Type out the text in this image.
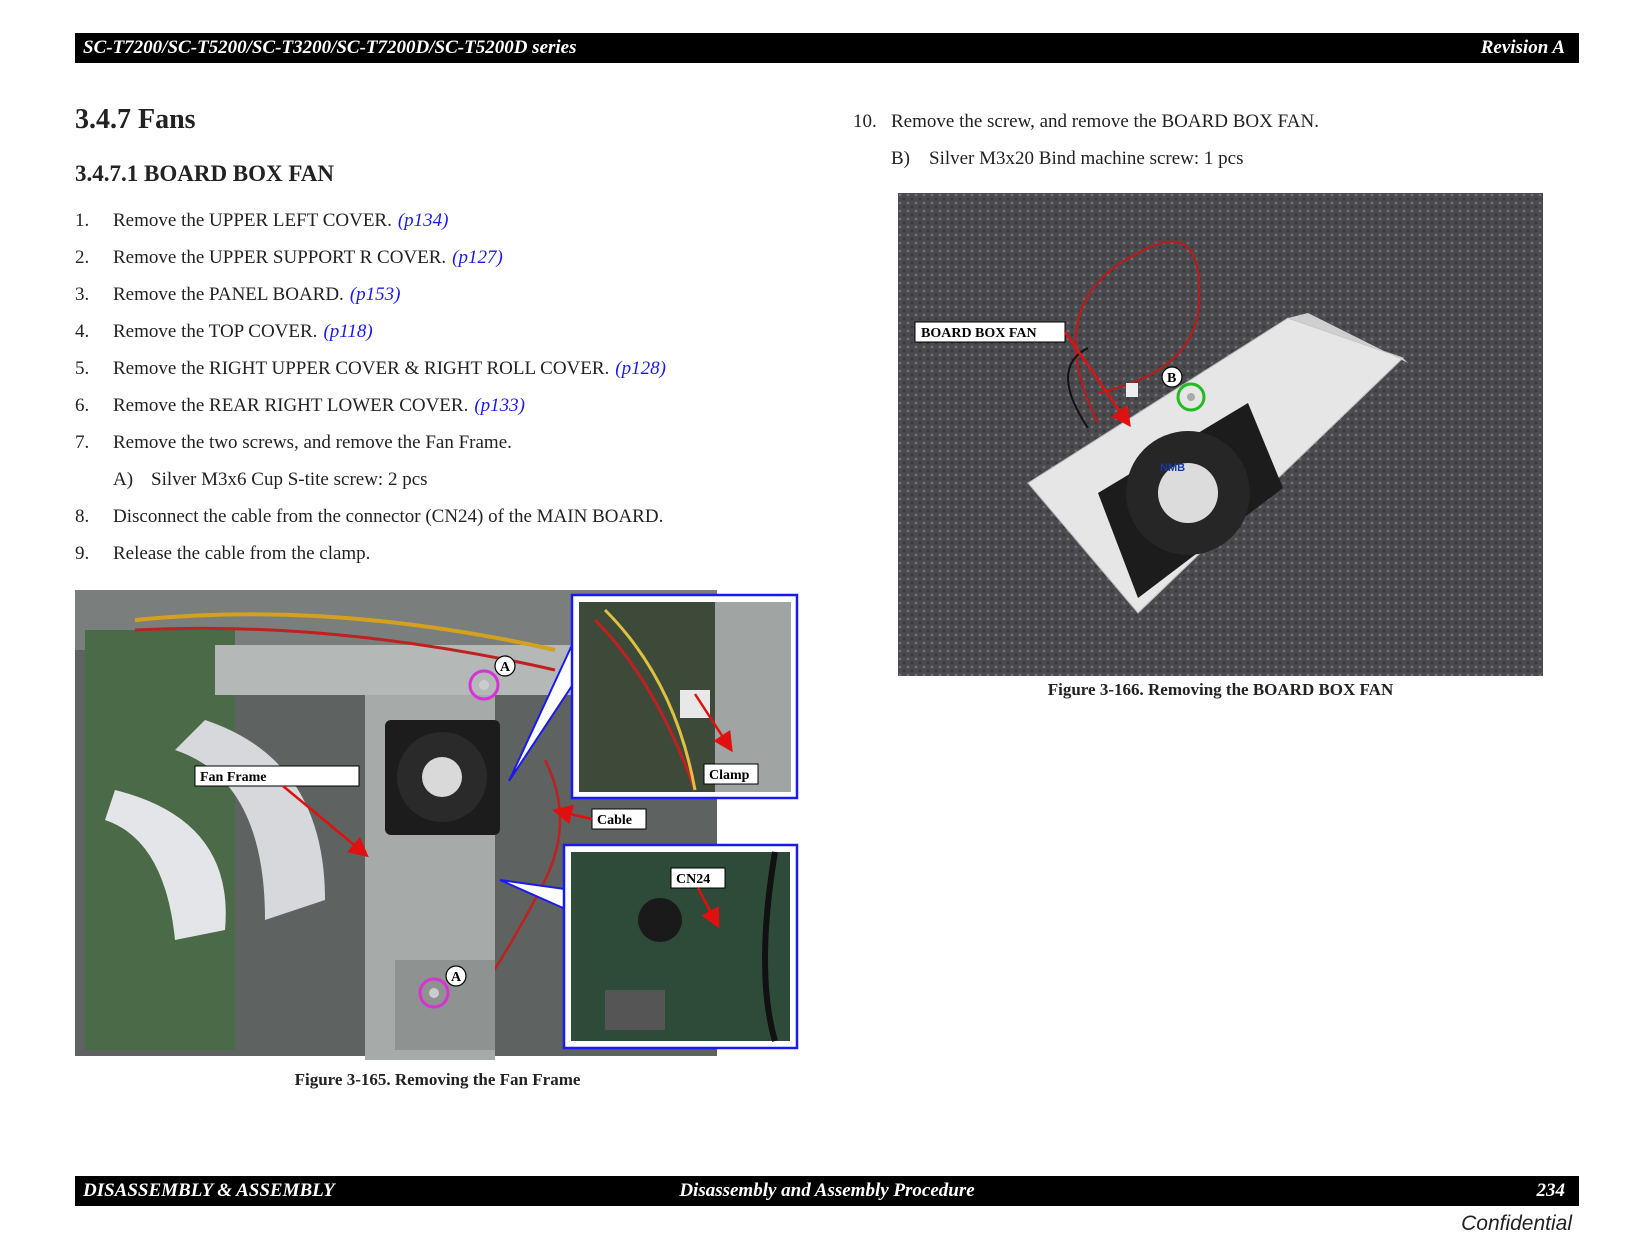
SC-T7200/SC-T5200/SC-T3200/SC-T7200D/SC-T5200D series	Revision A
3.4.7 Fans
3.4.7.1 BOARD BOX FAN
1.	Remove the UPPER LEFT COVER. (p134)
2.	Remove the UPPER SUPPORT R COVER. (p127)
3.	Remove the PANEL BOARD. (p153)
4.	Remove the TOP COVER. (p118)
5.	Remove the RIGHT UPPER COVER & RIGHT ROLL COVER. (p128)
6.	Remove the REAR RIGHT LOWER COVER. (p133)
7.	Remove the two screws, and remove the Fan Frame.
A) Silver M3x6 Cup S-tite screw: 2 pcs
8.	Disconnect the cable from the connector (CN24) of the MAIN BOARD.
9.	Release the cable from the clamp.
10. Remove the screw, and remove the BOARD BOX FAN.
B)	Silver M3x20 Bind machine screw: 1 pcs
A
A
Fan Frame
Cable
Clamp
CN24
Figure 3-165. Removing the Fan Frame
NMB
B
BOARD BOX FAN
Figure 3-166. Removing the BOARD BOX FAN
DISASSEMBLY & ASSEMBLY	Disassembly and Assembly Procedure	234
Confidential
